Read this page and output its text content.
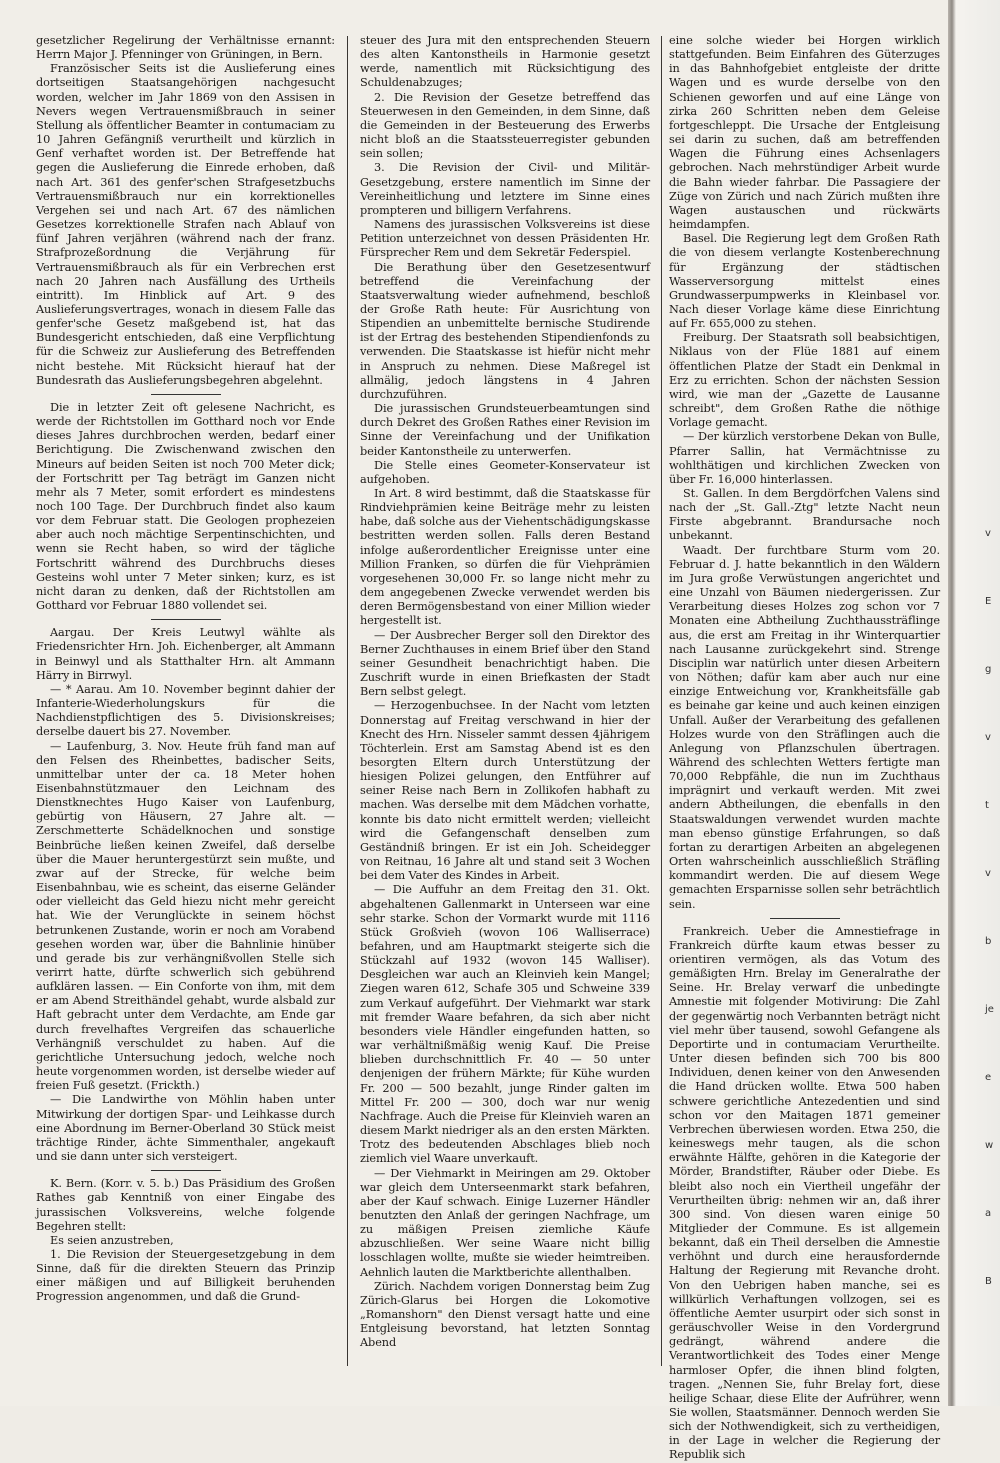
gesetzlicher Regelirung der Verhältnisse ernannt: Herrn Major J. Pfenninger von Grüningen, in Bern.

Französischer Seits ist die Auslieferung eines dortseitigen Staatsangehörigen nachgesucht worden, welcher im Jahr 1869 von den Assisen in Nevers wegen Vertrauensmißbrauch in seiner Stellung als öffentlicher Beamter in contumaciam zu 10 Jahren Gefängniß verurtheilt und kürzlich in Genf verhaftet worden ist. Der Betreffende hat gegen die Auslieferung die Einrede erhoben, daß nach Art. 361 des genfer'schen Strafgesetzbuchs Vertrauensmißbrauch nur ein korrektionelles Vergehen sei und nach Art. 67 des nämlichen Gesetzes korrektionelle Strafen nach Ablauf von fünf Jahren verjähren (während nach der franz. Strafprozeßordnung die Verjährung für Vertrauensmißbrauch als für ein Verbrechen erst nach 20 Jahren nach Ausfällung des Urtheils eintritt). Im Hinblick auf Art. 9 des Auslieferungsvertrages, wonach in diesem Falle das genfer'sche Gesetz maßgebend ist, hat das Bundesgericht entschieden, daß eine Verpflichtung für die Schweiz zur Auslieferung des Betreffenden nicht bestehe. Mit Rücksicht hierauf hat der Bundesrath das Auslieferungsbegehren abgelehnt.

Die in letzter Zeit oft gelesene Nachricht, es werde der Richtstollen im Gotthard noch vor Ende dieses Jahres durchbrochen werden, bedarf einer Berichtigung. Die Zwischenwand zwischen den Mineurs auf beiden Seiten ist noch 700 Meter dick; der Fortschritt per Tag beträgt im Ganzen nicht mehr als 7 Meter, somit erfordert es mindestens noch 100 Tage. Der Durchbruch findet also kaum vor dem Februar statt. Die Geologen prophezeien aber auch noch mächtige Serpentinschichten, und wenn sie Recht haben, so wird der tägliche Fortschritt während des Durchbruchs dieses Gesteins wohl unter 7 Meter sinken; kurz, es ist nicht daran zu denken, daß der Richtstollen am Gotthard vor Februar 1880 vollendet sei.

Aargau. Der Kreis Leutwyl wählte als Friedensrichter Hrn. Joh. Eichenberger, alt Ammann in Beinwyl und als Statthalter Hrn. alt Ammann Härry in Birrwyl.

— * Aarau. Am 10. November beginnt dahier der Infanterie-Wiederholungskurs für die Nachdienstpflichtigen des 5. Divisionskreises; derselbe dauert bis 27. November.

— Laufenburg, 3. Nov. Heute früh fand man auf den Felsen des Rheinbettes, badischer Seits, unmittelbar unter der ca. 18 Meter hohen Eisenbahnstützmauer den Leichnam des Dienstknechtes Hugo Kaiser von Laufenburg, gebürtig von Häusern, 27 Jahre alt. — Zerschmetterte Schädelknochen und sonstige Beinbrüche ließen keinen Zweifel, daß derselbe über die Mauer heruntergestürzt sein mußte, und zwar auf der Strecke, für welche beim Eisenbahnbau, wie es scheint, das eiserne Geländer oder vielleicht das Geld hiezu nicht mehr gereicht hat. Wie der Verunglückte in seinem höchst betrunkenen Zustande, worin er noch am Vorabend gesehen worden war, über die Bahnlinie hinüber und gerade bis zur verhängnißvollen Stelle sich verirrt hatte, dürfte schwerlich sich gebührend aufklären lassen. — Ein Conforte von ihm, mit dem er am Abend Streithändel gehabt, wurde alsbald zur Haft gebracht unter dem Verdachte, am Ende gar durch frevelhaftes Vergreifen das schauerliche Verhängniß verschuldet zu haben. Auf die gerichtliche Untersuchung jedoch, welche noch heute vorgenommen worden, ist derselbe wieder auf freien Fuß gesetzt. (Frickth.)

— Die Landwirthe von Möhlin haben unter Mitwirkung der dortigen Spar- und Leihkasse durch eine Abordnung im Berner-Oberland 30 Stück meist trächtige Rinder, ächte Simmenthaler, angekauft und sie dann unter sich versteigert.

K. Bern. (Korr. v. 5. b.) Das Präsidium des Großen Rathes gab Kenntniß von einer Eingabe des jurassischen Volksvereins, welche folgende Begehren stellt:

Es seien anzustreben,

1. Die Revision der Steuergesetzgebung in dem Sinne, daß für die direkten Steuern das Prinzip einer mäßigen und auf Billigkeit beruhenden Progression angenommen, und daß die Grund-

steuer des Jura mit den entsprechenden Steuern des alten Kantonstheils in Harmonie gesetzt werde, namentlich mit Rücksichtigung des Schuldenabzuges;

2. Die Revision der Gesetze betreffend das Steuerwesen in den Gemeinden, in dem Sinne, daß die Gemeinden in der Besteuerung des Erwerbs nicht bloß an die Staatssteuerregister gebunden sein sollen;

3. Die Revision der Civil- und Militär-Gesetzgebung, erstere namentlich im Sinne der Vereinheitlichung und letztere im Sinne eines prompteren und billigern Verfahrens.

Namens des jurassischen Volksvereins ist diese Petition unterzeichnet von dessen Präsidenten Hr. Fürsprecher Rem und dem Sekretär Federspiel.

Die Berathung über den Gesetzesentwurf betreffend die Vereinfachung der Staatsverwaltung wieder aufnehmend, beschloß der Große Rath heute: Für Ausrichtung von Stipendien an unbemittelte bernische Studirende ist der Ertrag des bestehenden Stipendienfonds zu verwenden. Die Staatskasse ist hiefür nicht mehr in Anspruch zu nehmen. Diese Maßregel ist allmälig, jedoch längstens in 4 Jahren durchzuführen.

Die jurassischen Grundsteuerbeamtungen sind durch Dekret des Großen Rathes einer Revision im Sinne der Vereinfachung und der Unifikation beider Kantonstheile zu unterwerfen.

Die Stelle eines Geometer-Konservateur ist aufgehoben.

In Art. 8 wird bestimmt, daß die Staatskasse für Rindviehprämien keine Beiträge mehr zu leisten habe, daß solche aus der Viehentschädigungskasse bestritten werden sollen. Falls deren Bestand infolge außerordentlicher Ereignisse unter eine Million Franken, so dürfen die für Viehprämien vorgesehenen 30,000 Fr. so lange nicht mehr zu dem angegebenen Zwecke verwendet werden bis deren Bermögensbestand von einer Million wieder hergestellt ist.

— Der Ausbrecher Berger soll den Direktor des Berner Zuchthauses in einem Brief über den Stand seiner Gesundheit benachrichtigt haben. Die Zuschrift wurde in einen Briefkasten der Stadt Bern selbst gelegt.

— Herzogenbuchsee. In der Nacht vom letzten Donnerstag auf Freitag verschwand in hier der Knecht des Hrn. Nisseler sammt dessen 4jährigem Töchterlein. Erst am Samstag Abend ist es den besorgten Eltern durch Unterstützung der hiesigen Polizei gelungen, den Entführer auf seiner Reise nach Bern in Zollikofen habhaft zu machen. Was derselbe mit dem Mädchen vorhatte, konnte bis dato nicht ermittelt werden; vielleicht wird die Gefangenschaft denselben zum Geständniß bringen. Er ist ein Joh. Scheidegger von Reitnau, 16 Jahre alt und stand seit 3 Wochen bei dem Vater des Kindes in Arbeit.

— Die Auffuhr an dem Freitag den 31. Okt. abgehaltenen Gallenmarkt in Unterseen war eine sehr starke. Schon der Vormarkt wurde mit 1116 Stück Großvieh (wovon 106 Walliserrace) befahren, und am Hauptmarkt steigerte sich die Stückzahl auf 1932 (wovon 145 Walliser). Desgleichen war auch an Kleinvieh kein Mangel; Ziegen waren 612, Schafe 305 und Schweine 339 zum Verkauf aufgeführt. Der Viehmarkt war stark mit fremder Waare befahren, da sich aber nicht besonders viele Händler eingefunden hatten, so war verhältnißmäßig wenig Kauf. Die Preise blieben durchschnittlich Fr. 40 — 50 unter denjenigen der frühern Märkte; für Kühe wurden Fr. 200 — 500 bezahlt, junge Rinder galten im Mittel Fr. 200 — 300, doch war nur wenig Nachfrage. Auch die Preise für Kleinvieh waren an diesem Markt niedriger als an den ersten Märkten. Trotz des bedeutenden Abschlages blieb noch ziemlich viel Waare unverkauft.

— Der Viehmarkt in Meiringen am 29. Oktober war gleich dem Unterseenmarkt stark befahren, aber der Kauf schwach. Einige Luzerner Händler benutzten den Anlaß der geringen Nachfrage, um zu mäßigen Preisen ziemliche Käufe abzuschließen. Wer seine Waare nicht billig losschlagen wollte, mußte sie wieder heimtreiben. Aehnlich lauten die Marktberichte allenthalben.

Zürich. Nachdem vorigen Donnerstag beim Zug Zürich-Glarus bei Horgen die Lokomotive „Romanshorn" den Dienst versagt hatte und eine Entgleisung bevorstand, hat letzten Sonntag Abend

eine solche wieder bei Horgen wirklich stattgefunden. Beim Einfahren des Güterzuges in das Bahnhofgebiet entgleiste der dritte Wagen und es wurde derselbe von den Schienen geworfen und auf eine Länge von zirka 260 Schritten neben dem Geleise fortgeschleppt. Die Ursache der Entgleisung sei darin zu suchen, daß am betreffenden Wagen die Führung eines Achsenlagers gebrochen. Nach mehrstündiger Arbeit wurde die Bahn wieder fahrbar. Die Passagiere der Züge von Zürich und nach Zürich mußten ihre Wagen austauschen und rückwärts heimdampfen.

Basel. Die Regierung legt dem Großen Rath die von diesem verlangte Kostenberechnung für Ergänzung der städtischen Wasserversorgung mittelst eines Grundwasserpumpwerks in Kleinbasel vor. Nach dieser Vorlage käme diese Einrichtung auf Fr. 655,000 zu stehen.

Freiburg. Der Staatsrath soll beabsichtigen, Niklaus von der Flüe 1881 auf einem öffentlichen Platze der Stadt ein Denkmal in Erz zu errichten. Schon der nächsten Session wird, wie man der „Gazette de Lausanne schreibt", dem Großen Rathe die nöthige Vorlage gemacht.

— Der kürzlich verstorbene Dekan von Bulle, Pfarrer Sallin, hat Vermächtnisse zu wohlthätigen und kirchlichen Zwecken von über Fr. 16,000 hinterlassen.

St. Gallen. In dem Bergdörfchen Valens sind nach der „St. Gall.-Ztg" letzte Nacht neun Firste abgebrannt. Brandursache noch unbekannt.

Waadt. Der furchtbare Sturm vom 20. Februar d. J. hatte bekanntlich in den Wäldern im Jura große Verwüstungen angerichtet und eine Unzahl von Bäumen niedergerissen. Zur Verarbeitung dieses Holzes zog schon vor 7 Monaten eine Abtheilung Zuchthaussträflinge aus, die erst am Freitag in ihr Winterquartier nach Lausanne zurückgekehrt sind. Strenge Disciplin war natürlich unter diesen Arbeitern von Nöthen; dafür kam aber auch nur eine einzige Entweichung vor, Krankheitsfälle gab es beinahe gar keine und auch keinen einzigen Unfall. Außer der Verarbeitung des gefallenen Holzes wurde von den Sträflingen auch die Anlegung von Pflanzschulen übertragen. Während des schlechten Wetters fertigte man 70,000 Rebpfähle, die nun im Zuchthaus imprägnirt und verkauft werden. Mit zwei andern Abtheilungen, die ebenfalls in den Staatswaldungen verwendet wurden machte man ebenso günstige Erfahrungen, so daß fortan zu derartigen Arbeiten an abgelegenen Orten wahrscheinlich ausschließlich Sträfling kommandirt werden. Die auf diesem Wege gemachten Ersparnisse sollen sehr beträchtlich sein.

Frankreich. Ueber die Amnestiefrage in Frankreich dürfte kaum etwas besser zu orientiren vermögen, als das Votum des gemäßigten Hrn. Brelay im Generalrathe der Seine. Hr. Brelay verwarf die unbedingte Amnestie mit folgender Motivirung: Die Zahl der gegenwärtig noch Verbannten beträgt nicht viel mehr über tausend, sowohl Gefangene als Deportirte und in contumaciam Verurtheilte. Unter diesen befinden sich 700 bis 800 Individuen, denen keiner von den Anwesenden die Hand drücken wollte. Etwa 500 haben schwere gerichtliche Antezedentien und sind schon vor den Maitagen 1871 gemeiner Verbrechen überwiesen worden. Etwa 250, die keineswegs mehr taugen, als die schon erwähnte Hälfte, gehören in die Kategorie der Mörder, Brandstifter, Räuber oder Diebe. Es bleibt also noch ein Viertheil ungefähr der Verurtheilten übrig: nehmen wir an, daß ihrer 300 sind. Von diesen waren einige 50 Mitglieder der Commune. Es ist allgemein bekannt, daß ein Theil derselben die Amnestie verhöhnt und durch eine herausfordernde Haltung der Regierung mit Revanche droht. Von den Uebrigen haben manche, sei es willkürlich Verhaftungen vollzogen, sei es öffentliche Aemter usurpirt oder sich sonst in geräuschvoller Weise in den Vordergrund gedrängt, während andere die Verantwortlichkeit des Todes einer Menge harmloser Opfer, die ihnen blind folgten, tragen. „Nennen Sie, fuhr Brelay fort, diese heilige Schaar, diese Elite der Aufrührer, wenn Sie wollen, Staatsmänner. Dennoch werden Sie sich der Nothwendigkeit, sich zu vertheidigen, in der Lage in welcher die Regierung der Republik sich

v
E
g
v
t
v
b
je
e
w
a
B
